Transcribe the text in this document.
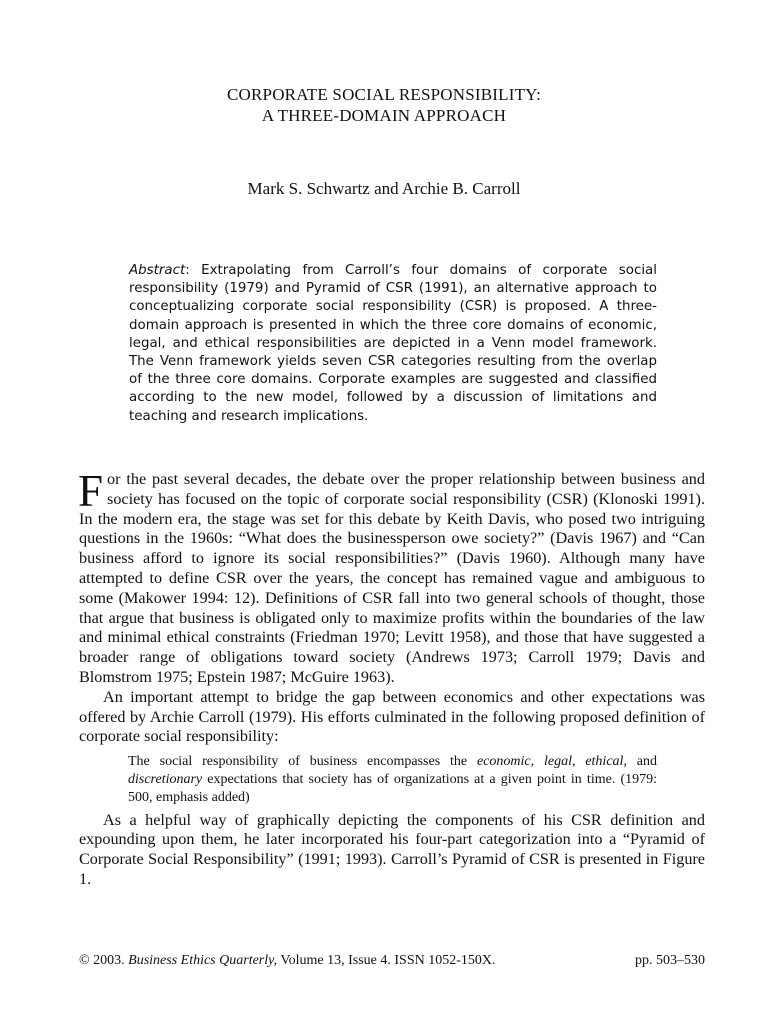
CORPORATE SOCIAL RESPONSIBILITY:
A THREE-DOMAIN APPROACH
Mark S. Schwartz and Archie B. Carroll
Abstract: Extrapolating from Carroll’s four domains of corporate social responsibility (1979) and Pyramid of CSR (1991), an alternative approach to conceptualizing corporate social responsibility (CSR) is proposed. A three-domain approach is presented in which the three core domains of economic, legal, and ethical responsibilities are depicted in a Venn model framework. The Venn framework yields seven CSR categories resulting from the overlap of the three core domains. Corporate examples are suggested and classified according to the new model, followed by a discussion of limitations and teaching and research implications.

For the past several decades, the debate over the proper relationship between business and society has focused on the topic of corporate social responsibility (CSR) (Klonoski 1991). In the modern era, the stage was set for this debate by Keith Davis, who posed two intriguing questions in the 1960s: “What does the businessperson owe society?” (Davis 1967) and “Can business afford to ignore its social responsibilities?” (Davis 1960). Although many have attempted to define CSR over the years, the concept has remained vague and ambiguous to some (Makower 1994: 12). Definitions of CSR fall into two general schools of thought, those that argue that business is obligated only to maximize profits within the boundaries of the law and minimal ethical constraints (Friedman 1970; Levitt 1958), and those that have suggested a broader range of obligations toward society (Andrews 1973; Carroll 1979; Davis and Blomstrom 1975; Epstein 1987; McGuire 1963).

An important attempt to bridge the gap between economics and other expectations was offered by Archie Carroll (1979). His efforts culminated in the following proposed definition of corporate social responsibility:

The social responsibility of business encompasses the economic, legal, ethical, and discretionary expectations that society has of organizations at a given point in time. (1979: 500, emphasis added)

As a helpful way of graphically depicting the components of his CSR definition and expounding upon them, he later incorporated his four-part categorization into a “Pyramid of Corporate Social Responsibility” (1991; 1993). Carroll’s Pyramid of CSR is presented in Figure 1.

© 2003. Business Ethics Quarterly, Volume 13, Issue 4. ISSN 1052-150X.	pp. 503–530
